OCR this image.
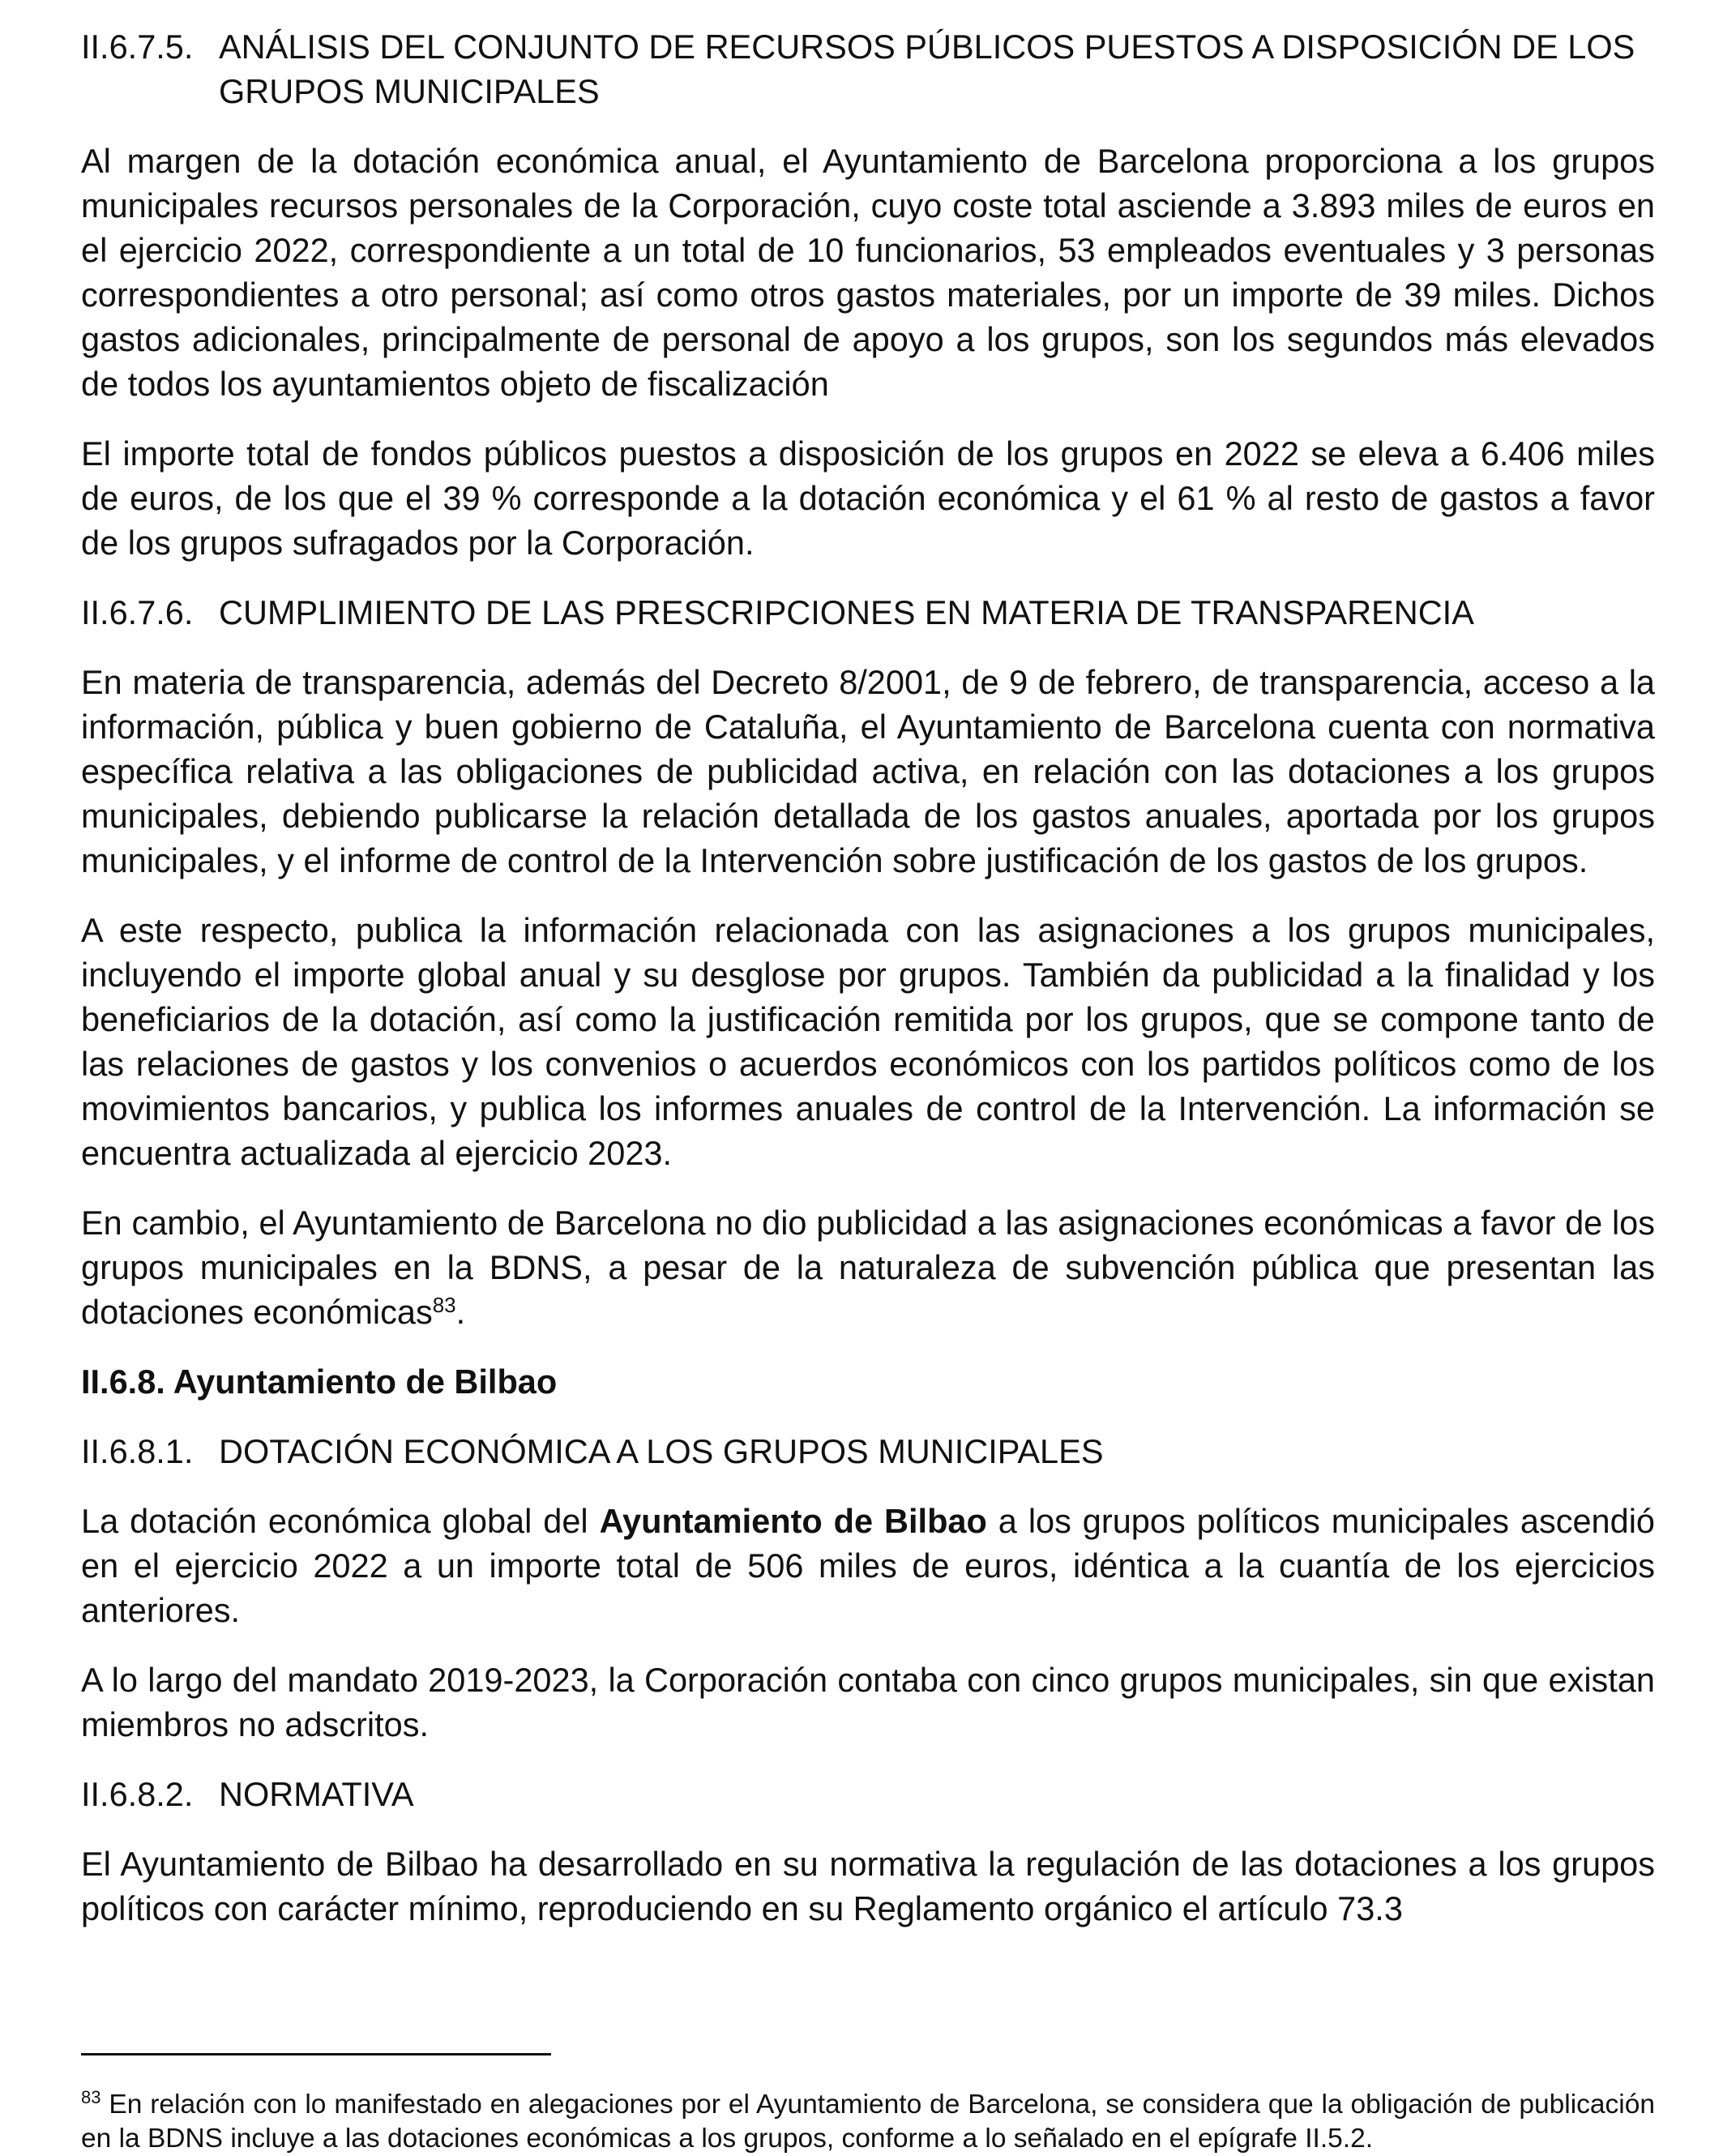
II.6.7.5. ANÁLISIS DEL CONJUNTO DE RECURSOS PÚBLICOS PUESTOS A DISPOSICIÓN DE LOS GRUPOS MUNICIPALES

Al margen de la dotación económica anual, el Ayuntamiento de Barcelona proporciona a los grupos municipales recursos personales de la Corporación, cuyo coste total asciende a 3.893 miles de euros en el ejercicio 2022, correspondiente a un total de 10 funcionarios, 53 empleados eventuales y 3 personas correspondientes a otro personal; así como otros gastos materiales, por un importe de 39 miles. Dichos gastos adicionales, principalmente de personal de apoyo a los grupos, son los segundos más elevados de todos los ayuntamientos objeto de fiscalización

El importe total de fondos públicos puestos a disposición de los grupos en 2022 se eleva a 6.406 miles de euros, de los que el 39 % corresponde a la dotación económica y el 61 % al resto de gastos a favor de los grupos sufragados por la Corporación.

II.6.7.6. CUMPLIMIENTO DE LAS PRESCRIPCIONES EN MATERIA DE TRANSPARENCIA

En materia de transparencia, además del Decreto 8/2001, de 9 de febrero, de transparencia, acceso a la información, pública y buen gobierno de Cataluña, el Ayuntamiento de Barcelona cuenta con normativa específica relativa a las obligaciones de publicidad activa, en relación con las dotaciones a los grupos municipales, debiendo publicarse la relación detallada de los gastos anuales, aportada por los grupos municipales, y el informe de control de la Intervención sobre justificación de los gastos de los grupos.

A este respecto, publica la información relacionada con las asignaciones a los grupos municipales, incluyendo el importe global anual y su desglose por grupos. También da publicidad a la finalidad y los beneficiarios de la dotación, así como la justificación remitida por los grupos, que se compone tanto de las relaciones de gastos y los convenios o acuerdos económicos con los partidos políticos como de los movimientos bancarios, y publica los informes anuales de control de la Intervención. La información se encuentra actualizada al ejercicio 2023.

En cambio, el Ayuntamiento de Barcelona no dio publicidad a las asignaciones económicas a favor de los grupos municipales en la BDNS, a pesar de la naturaleza de subvención pública que presentan las dotaciones económicas$^{83}$.

II.6.8. Ayuntamiento de Bilbao
II.6.8.1. DOTACIÓN ECONÓMICA A LOS GRUPOS MUNICIPALES

La dotación económica global del Ayuntamiento de Bilbao a los grupos políticos municipales ascendió en el ejercicio 2022 a un importe total de 506 miles de euros, idéntica a la cuantía de los ejercicios anteriores.

A lo largo del mandato 2019-2023, la Corporación contaba con cinco grupos municipales, sin que existan miembros no adscritos.

II.6.8.2. NORMATIVA

El Ayuntamiento de Bilbao ha desarrollado en su normativa la regulación de las dotaciones a los grupos políticos con carácter mínimo, reproduciendo en su Reglamento orgánico el artículo 73.3

$^{83}$ En relación con lo manifestado en alegaciones por el Ayuntamiento de Barcelona, se considera que la obligación de publicación en la BDNS incluye a las dotaciones económicas a los grupos, conforme a lo señalado en el epígrafe II.5.2.
